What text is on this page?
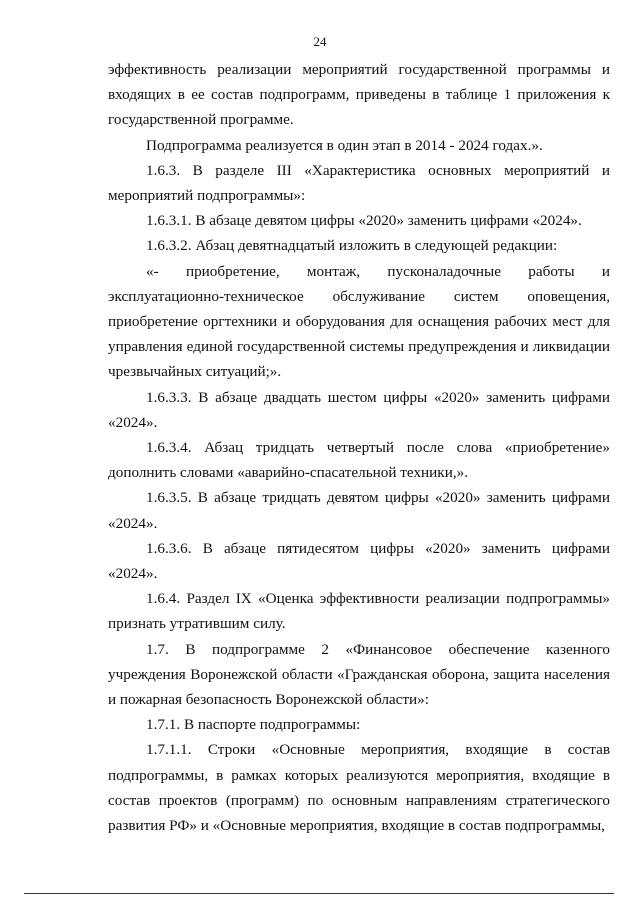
24

эффективность реализации мероприятий государственной программы и входящих в ее состав подпрограмм, приведены в таблице 1 приложения к государственной программе.

Подпрограмма реализуется в один этап в 2014 - 2024 годах.».

1.6.3. В разделе III «Характеристика основных мероприятий и мероприятий подпрограммы»:

1.6.3.1. В абзаце девятом цифры «2020» заменить цифрами «2024».

1.6.3.2. Абзац девятнадцатый изложить в следующей редакции:

«- приобретение, монтаж, пусконаладочные работы и эксплуатационно-техническое обслуживание систем оповещения, приобретение оргтехники и оборудования для оснащения рабочих мест для управления единой государственной системы предупреждения и ликвидации чрезвычайных ситуаций;».

1.6.3.3. В абзаце двадцать шестом цифры «2020» заменить цифрами «2024».

1.6.3.4. Абзац тридцать четвертый после слова «приобретение» дополнить словами «аварийно-спасательной техники,».

1.6.3.5. В абзаце тридцать девятом цифры «2020» заменить цифрами «2024».

1.6.3.6. В абзаце пятидесятом цифры «2020» заменить цифрами «2024».

1.6.4. Раздел IX «Оценка эффективности реализации подпрограммы» признать утратившим силу.

1.7. В подпрограмме 2 «Финансовое обеспечение казенного учреждения Воронежской области «Гражданская оборона, защита населения и пожарная безопасность Воронежской области»:

1.7.1. В паспорте подпрограммы:

1.7.1.1. Строки «Основные мероприятия, входящие в состав подпрограммы, в рамках которых реализуются мероприятия, входящие в состав проектов (программ) по основным направлениям стратегического развития РФ» и «Основные мероприятия, входящие в состав подпрограммы,
